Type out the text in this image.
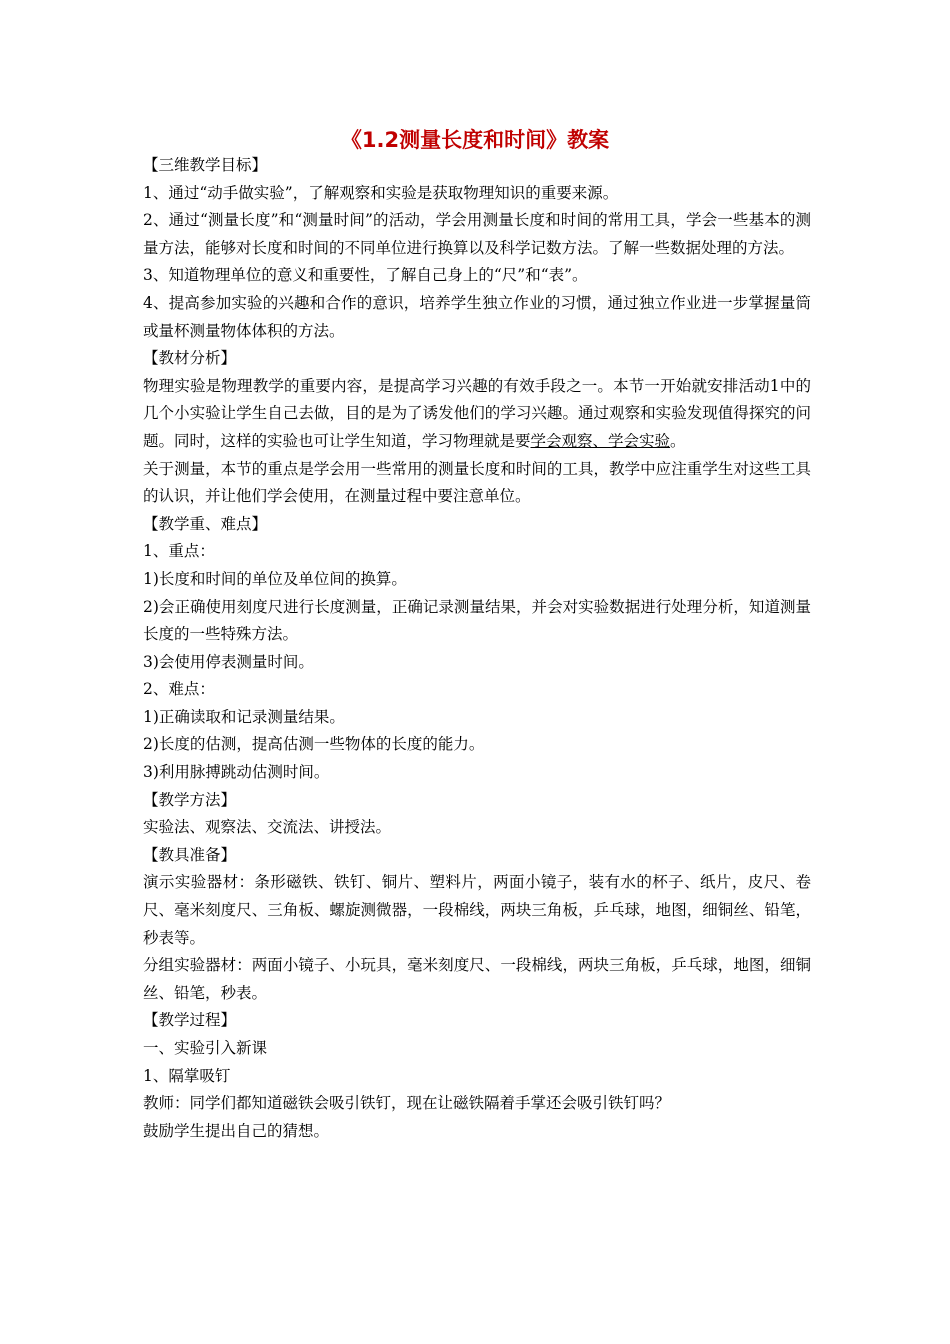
《1.2测量长度和时间》教案

【三维教学目标】

1、通过“动手做实验”，了解观察和实验是获取物理知识的重要来源。

2、通过“测量长度”和“测量时间”的活动，学会用测量长度和时间的常用工具，学会一些基本的测量方法，能够对长度和时间的不同单位进行换算以及科学记数方法。了解一些数据处理的方法。

3、知道物理单位的意义和重要性，了解自己身上的“尺”和“表”。

4、提高参加实验的兴趣和合作的意识，培养学生独立作业的习惯，通过独立作业进一步掌握量筒或量杯测量物体体积的方法。

【教材分析】

物理实验是物理教学的重要内容，是提高学习兴趣的有效手段之一。本节一开始就安排活动1中的几个小实验让学生自己去做，目的是为了诱发他们的学习兴趣。通过观察和实验发现值得探究的问题。同时，这样的实验也可让学生知道，学习物理就是要学会观察、学会实验。

关于测量，本节的重点是学会用一些常用的测量长度和时间的工具，教学中应注重学生对这些工具的认识，并让他们学会使用，在测量过程中要注意单位。

【教学重、难点】

1、重点：

1)长度和时间的单位及单位间的换算。

2)会正确使用刻度尺进行长度测量，正确记录测量结果，并会对实验数据进行处理分析，知道测量长度的一些特殊方法。

3)会使用停表测量时间。

2、难点：

1)正确读取和记录测量结果。

2)长度的估测，提高估测一些物体的长度的能力。

3)利用脉搏跳动估测时间。

【教学方法】

实验法、观察法、交流法、讲授法。

【教具准备】

演示实验器材：条形磁铁、铁钉、铜片、塑料片，两面小镜子，装有水的杯子、纸片，皮尺、卷尺、毫米刻度尺、三角板、螺旋测微器，一段棉线，两块三角板，乒乓球，地图，细铜丝、铅笔，秒表等。

分组实验器材：两面小镜子、小玩具，毫米刻度尺、一段棉线，两块三角板，乒乓球，地图，细铜丝、铅笔，秒表。

【教学过程】

一、实验引入新课

1、隔掌吸钉

教师：同学们都知道磁铁会吸引铁钉，现在让磁铁隔着手掌还会吸引铁钉吗？

鼓励学生提出自己的猜想。
